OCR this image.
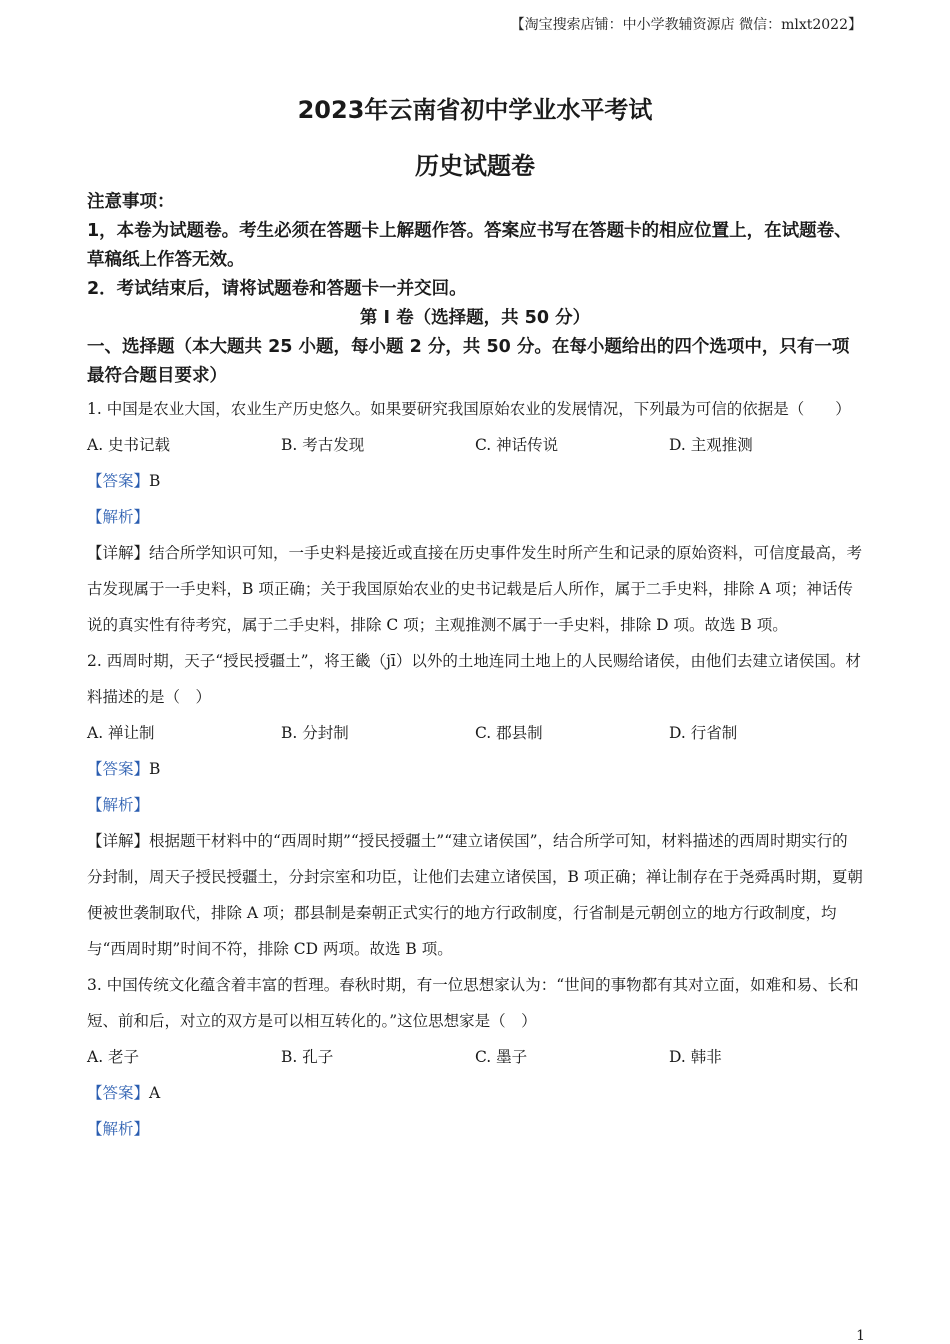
【淘宝搜索店铺：中小学教辅资源店 微信：mlxt2022】
2023年云南省初中学业水平考试
历史试题卷
注意事项：
1，本卷为试题卷。考生必须在答题卡上解题作答。答案应书写在答题卡的相应位置上，在试题卷、草稿纸上作答无效。
2．考试结束后，请将试题卷和答题卡一并交回。
第 I 卷（选择题，共 50 分）
一、选择题（本大题共 25 小题，每小题 2 分，共 50 分。在每小题给出的四个选项中，只有一项最符合题目要求）
1. 中国是农业大国，农业生产历史悠久。如果要研究我国原始农业的发展情况，下列最为可信的依据是（　　）
A. 史书记载	B. 考古发现	C. 神话传说	D. 主观推测
【答案】B
【解析】
【详解】结合所学知识可知，一手史料是接近或直接在历史事件发生时所产生和记录的原始资料，可信度最高，考古发现属于一手史料，B 项正确；关于我国原始农业的史书记载是后人所作，属于二手史料，排除 A 项；神话传说的真实性有待考究，属于二手史料，排除 C 项；主观推测不属于一手史料，排除 D 项。故选 B 项。
2. 西周时期，天子“授民授疆土”，将王畿（jī）以外的土地连同土地上的人民赐给诸侯，由他们去建立诸侯国。材料描述的是（　）
A. 禅让制	B. 分封制	C. 郡县制	D. 行省制
【答案】B
【解析】
【详解】根据题干材料中的“西周时期”“授民授疆土”“建立诸侯国”，结合所学可知，材料描述的西周时期实行的分封制，周天子授民授疆土，分封宗室和功臣，让他们去建立诸侯国，B 项正确；禅让制存在于尧舜禹时期，夏朝便被世袭制取代，排除 A 项；郡县制是秦朝正式实行的地方行政制度，行省制是元朝创立的地方行政制度，均与“西周时期”时间不符，排除 CD 两项。故选 B 项。
3. 中国传统文化蕴含着丰富的哲理。春秋时期，有一位思想家认为：“世间的事物都有其对立面，如难和易、长和短、前和后，对立的双方是可以相互转化的。”这位思想家是（　）
A. 老子	B. 孔子	C. 墨子	D. 韩非
【答案】A
【解析】
1
